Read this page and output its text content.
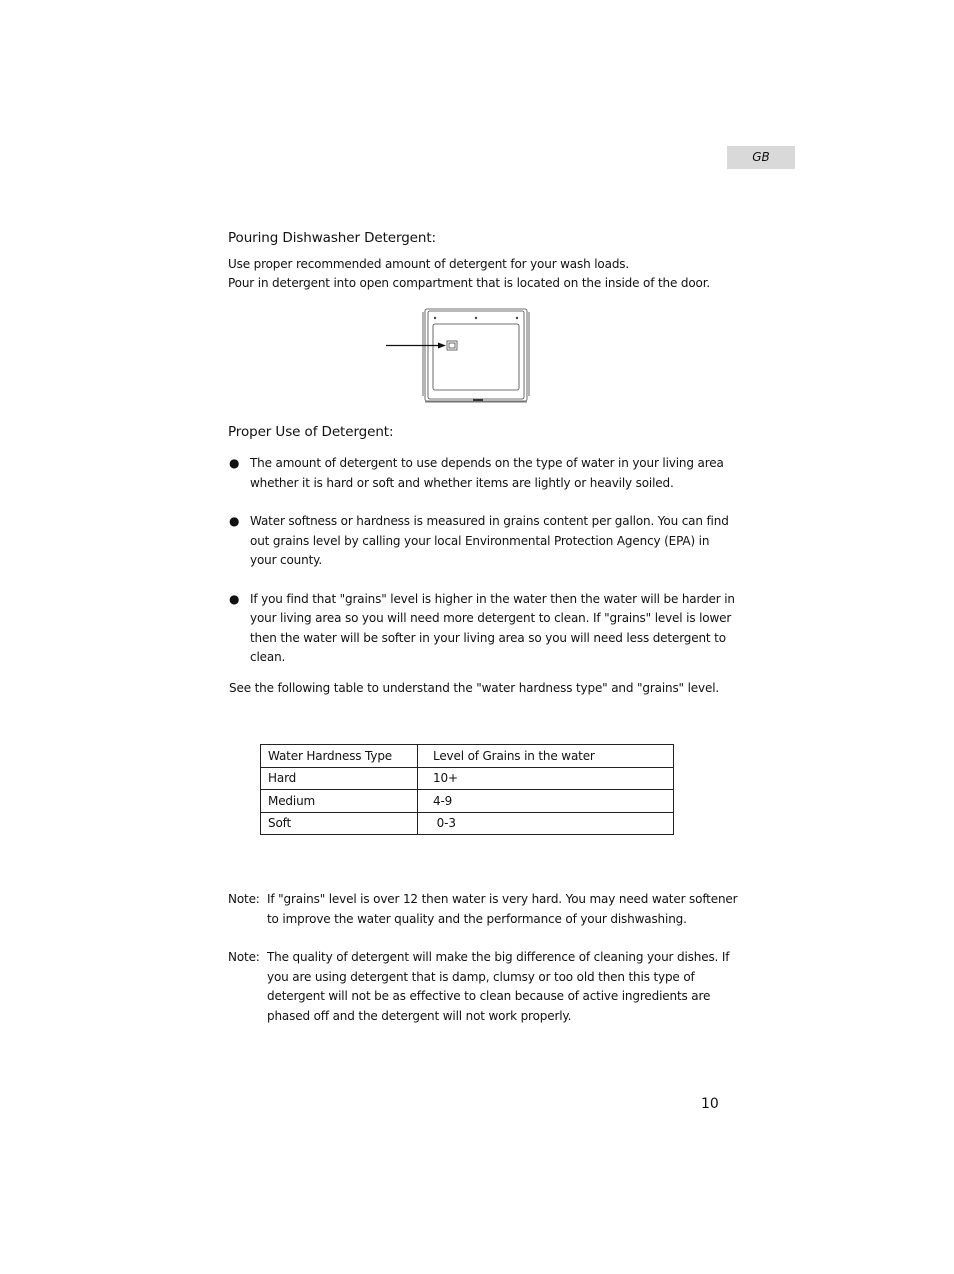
GB
Pouring Dishwasher Detergent:
Use proper recommended amount of detergent for your wash loads.
Pour in detergent into open compartment that is located on the inside of the door.
Proper Use of Detergent:
● The amount of detergent to use depends on the type of water in your living area whether it is hard or soft and whether items are lightly or heavily soiled.
● Water softness or hardness is measured in grains content per gallon. You can find out grains level by calling your local Environmental Protection Agency (EPA) in your county.
● If you find that "grains" level is higher in the water then the water will be harder in your living area so you will need more detergent to clean. If "grains" level is lower then the water will be softer in your living area so you will need less detergent to clean.
See the following table to understand the "water hardness type" and "grains" level.
Water Hardness Type	Level of Grains in the water
Hard	10+
Medium	4-9
Soft	0-3
Note: If "grains" level is over 12 then water is very hard. You may need water softener to improve the water quality and the performance of your dishwashing.
Note: The quality of detergent will make the big difference of cleaning your dishes. If you are using detergent that is damp, clumsy or too old then this type of detergent will not be as effective to clean because of active ingredients are phased off and the detergent will not work properly.
10
